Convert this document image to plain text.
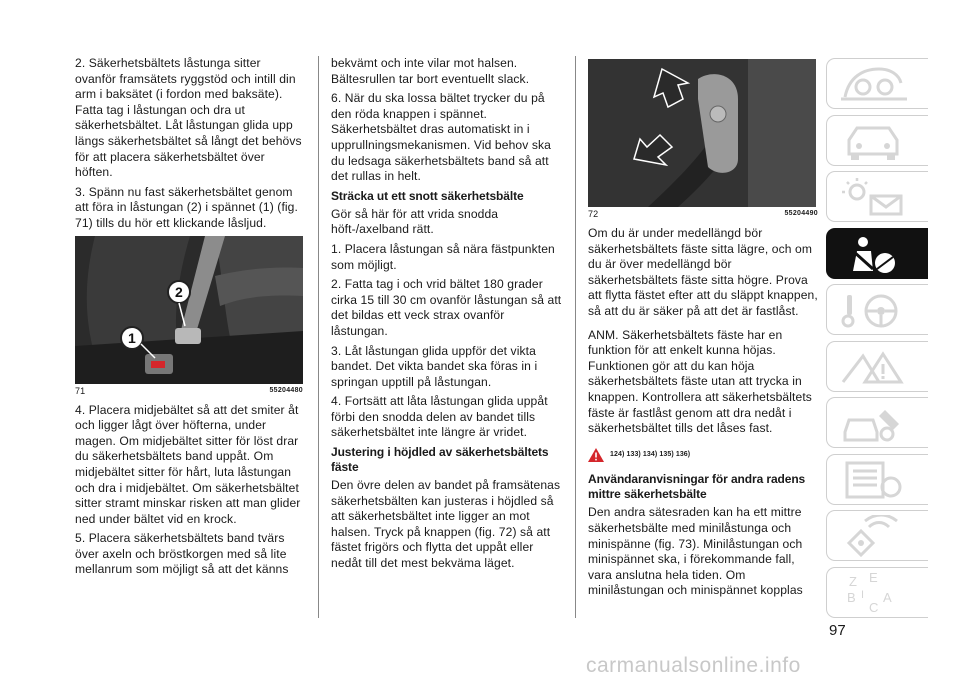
2. Säkerhetsbältets låstunga sitter ovanför framsätets ryggstöd och intill din arm i baksätet (i fordon med baksäte). Fatta tag i låstungan och dra ut säkerhetsbältet. Låt låstungan glida upp längs säkerhetsbältet så långt det behövs för att placera säkerhetsbältet över höften.

3. Spänn nu fast säkerhetsbältet genom att föra in låstungan (2) i spännet (1) (fig. 71) tills du hör ett klickande låsljud.

2
1
71	55204480

4. Placera midjebältet så att det smiter åt och ligger lågt över höfterna, under magen. Om midjebältet sitter för löst drar du säkerhetsbältets band uppåt. Om midjebältet sitter för hårt, luta låstungan och dra i midjebältet. Om säkerhetsbältet sitter stramt minskar risken att man glider ned under bältet vid en krock.

5. Placera säkerhetsbältets band tvärs över axeln och bröstkorgen med så lite mellanrum som möjligt så att det känns

bekvämt och inte vilar mot halsen. Bältesrullen tar bort eventuellt slack.

6. När du ska lossa bältet trycker du på den röda knappen i spännet. Säkerhetsbältet dras automatiskt in i upprullningsmekanismen. Vid behov ska du ledsaga säkerhetsbältets band så att det rullas in helt.

Sträcka ut ett snott säkerhetsbälte

Gör så här för att vrida snodda höft-/axelband rätt.

1. Placera låstungan så nära fästpunkten som möjligt.

2. Fatta tag i och vrid bältet 180 grader cirka 15 till 30 cm ovanför låstungan så att det bildas ett veck strax ovanför låstungan.

3. Låt låstungan glida uppför det vikta bandet. Det vikta bandet ska föras in i springan upptill på låstungan.

4. Fortsätt att låta låstungan glida uppåt förbi den snodda delen av bandet tills säkerhetsbältet inte längre är vridet.

Justering i höjdled av säkerhetsbältets fäste

Den övre delen av bandet på framsätenas säkerhetsbälten kan justeras i höjdled så att säkerhetsbältet inte ligger an mot halsen. Tryck på knappen (fig. 72) så att fästet frigörs och flytta det uppåt eller nedåt till det mest bekväma läget.

72	55204490

Om du är under medellängd bör säkerhetsbältets fäste sitta lägre, och om du är över medellängd bör säkerhetsbältets fäste sitta högre. Prova att flytta fästet efter att du släppt knappen, så att du är säker på att det är fastlåst.

ANM. Säkerhetsbältets fäste har en funktion för att enkelt kunna höjas. Funktionen gör att du kan höja säkerhetsbältets fäste utan att trycka in knappen. Kontrollera att säkerhetsbältets fäste är fastlåst genom att dra nedåt i säkerhetsbältet tills det låses fast.

124) 133) 134) 135) 136)
Användaranvisningar för andra radens mittre säkerhetsbälte

Den andra sätesraden kan ha ett mittre säkerhetsbälte med minilåstunga och minispänne (fig. 73). Minilåstungan och minispännet ska, i förekommande fall, vara anslutna hela tiden. Om minilåstungan och minispännet kopplas

Z E
B
C
A
I
97
carmanualsonline.info
